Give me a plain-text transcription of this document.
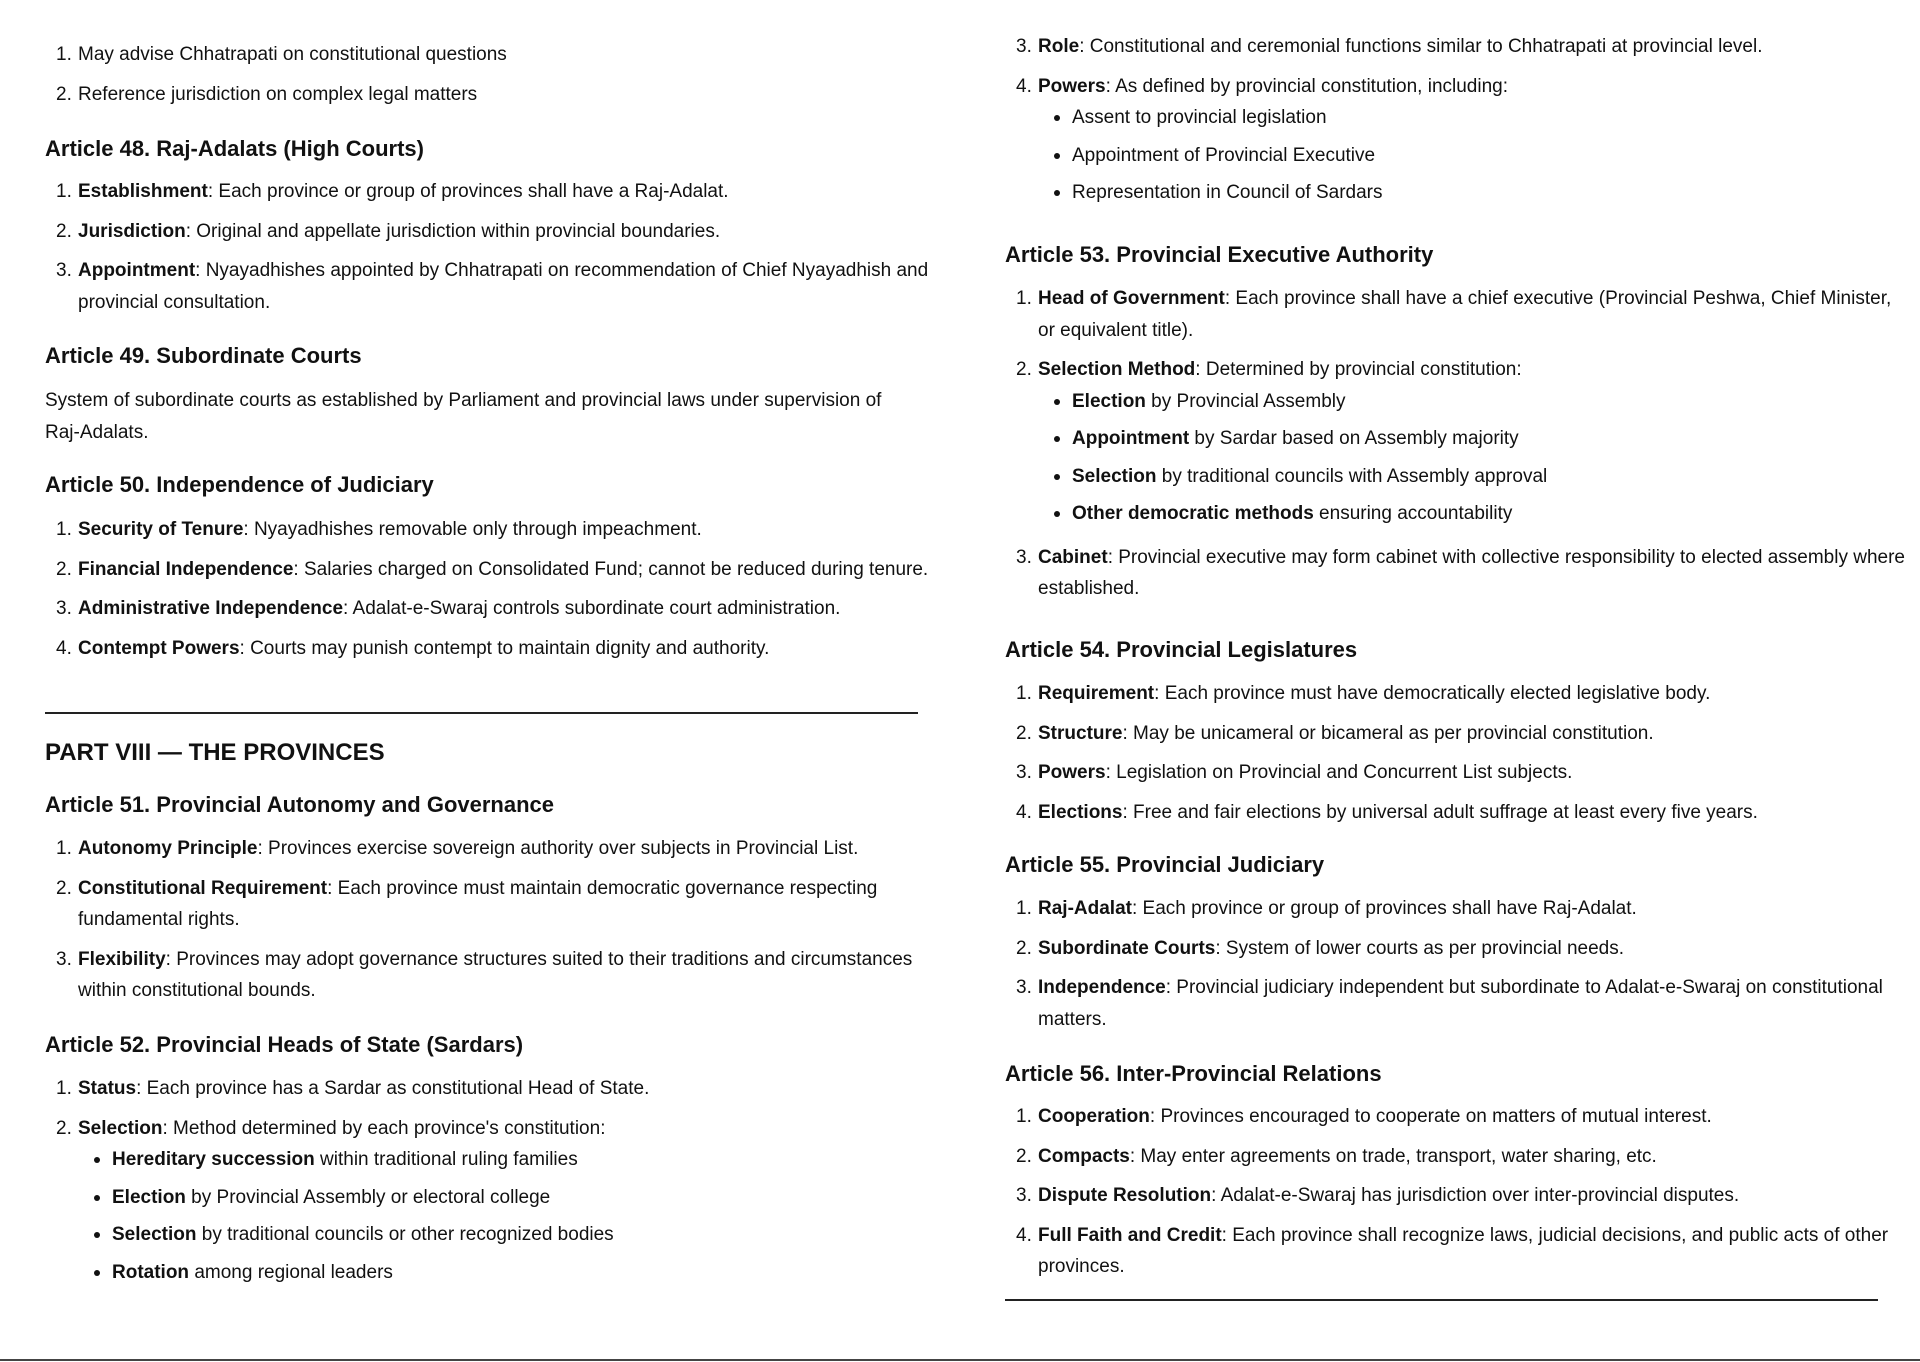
1. May advise Chhatrapati on constitutional questions
2. Reference jurisdiction on complex legal matters
Article 48. Raj-Adalats (High Courts)
1. Establishment: Each province or group of provinces shall have a Raj-Adalat.
2. Jurisdiction: Original and appellate jurisdiction within provincial boundaries.
3. Appointment: Nyayadhishes appointed by Chhatrapati on recommendation of Chief Nyayadhish and provincial consultation.
Article 49. Subordinate Courts

System of subordinate courts as established by Parliament and provincial laws under supervision of Raj-Adalats.

Article 50. Independence of Judiciary
1. Security of Tenure: Nyayadhishes removable only through impeachment.
2. Financial Independence: Salaries charged on Consolidated Fund; cannot be reduced during tenure.
3. Administrative Independence: Adalat-e-Swaraj controls subordinate court administration.
4. Contempt Powers: Courts may punish contempt to maintain dignity and authority.
PART VIII — THE PROVINCES
Article 51. Provincial Autonomy and Governance
1. Autonomy Principle: Provinces exercise sovereign authority over subjects in Provincial List.
2. Constitutional Requirement: Each province must maintain democratic governance respecting fundamental rights.
3. Flexibility: Provinces may adopt governance structures suited to their traditions and circumstances within constitutional bounds.
Article 52. Provincial Heads of State (Sardars)
1. Status: Each province has a Sardar as constitutional Head of State.
2. Selection: Method determined by each province's constitution:
Hereditary succession within traditional ruling families
Election by Provincial Assembly or electoral college
Selection by traditional councils or other recognized bodies
Rotation among regional leaders
3. Role: Constitutional and ceremonial functions similar to Chhatrapati at provincial level.
4. Powers: As defined by provincial constitution, including:
Assent to provincial legislation
Appointment of Provincial Executive
Representation in Council of Sardars
Article 53. Provincial Executive Authority
1. Head of Government: Each province shall have a chief executive (Provincial Peshwa, Chief Minister, or equivalent title).
2. Selection Method: Determined by provincial constitution:
Election by Provincial Assembly
Appointment by Sardar based on Assembly majority
Selection by traditional councils with Assembly approval
Other democratic methods ensuring accountability
3. Cabinet: Provincial executive may form cabinet with collective responsibility to elected assembly where established.
Article 54. Provincial Legislatures
1. Requirement: Each province must have democratically elected legislative body.
2. Structure: May be unicameral or bicameral as per provincial constitution.
3. Powers: Legislation on Provincial and Concurrent List subjects.
4. Elections: Free and fair elections by universal adult suffrage at least every five years.
Article 55. Provincial Judiciary
1. Raj-Adalat: Each province or group of provinces shall have Raj-Adalat.
2. Subordinate Courts: System of lower courts as per provincial needs.
3. Independence: Provincial judiciary independent but subordinate to Adalat-e-Swaraj on constitutional matters.
Article 56. Inter-Provincial Relations
1. Cooperation: Provinces encouraged to cooperate on matters of mutual interest.
2. Compacts: May enter agreements on trade, transport, water sharing, etc.
3. Dispute Resolution: Adalat-e-Swaraj has jurisdiction over inter-provincial disputes.
4. Full Faith and Credit: Each province shall recognize laws, judicial decisions, and public acts of other provinces.
